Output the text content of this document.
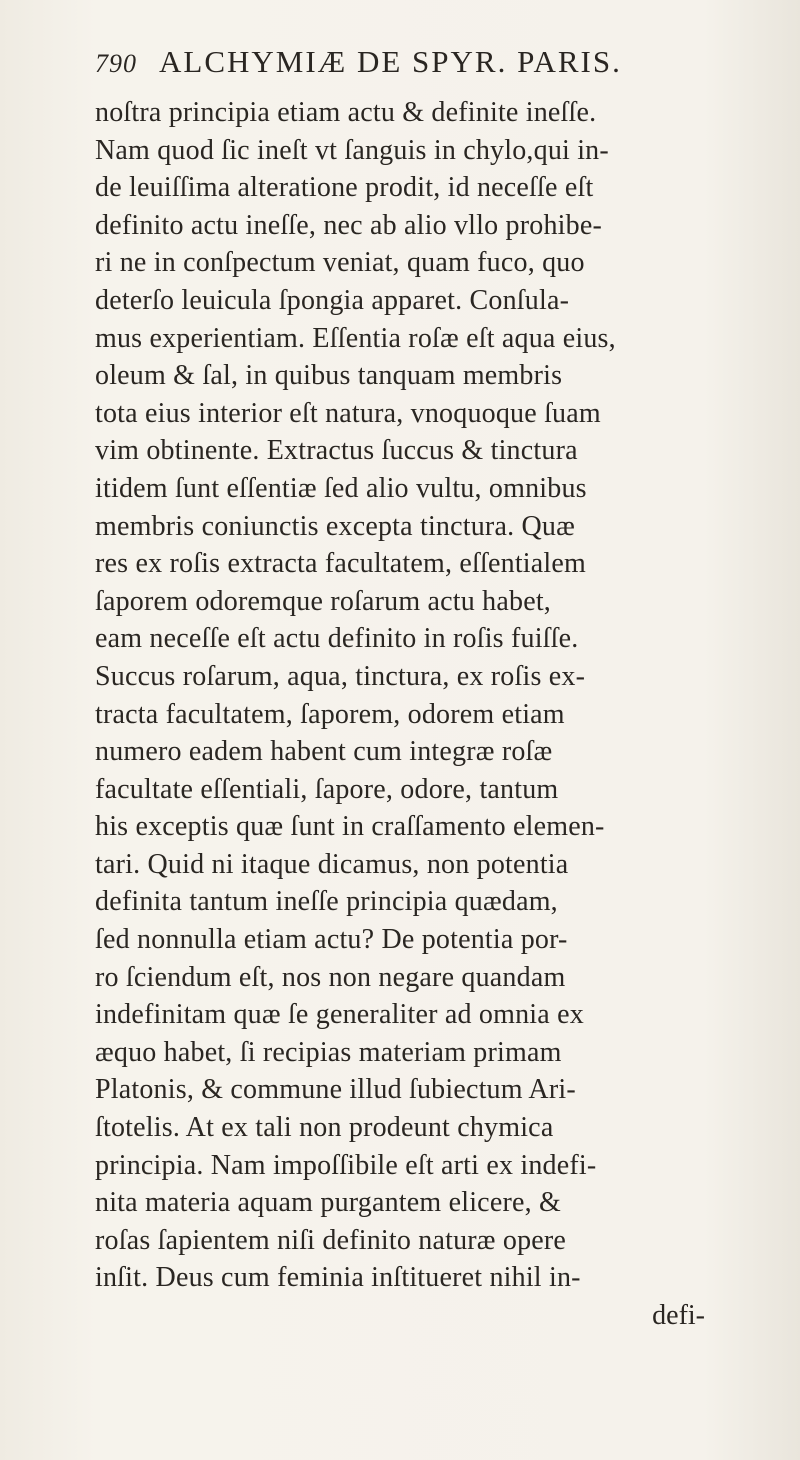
790 ALCHYMIÆ DE SPYR. PARIS.
noſtra principia etiam actu & definite ineſſe.
Nam quod ſic ineſt vt ſanguis in chylo,qui in-
de leuiſſima alteratione prodit, id neceſſe eſt
definito actu ineſſe, nec ab alio vllo prohibe-
ri ne in conſpectum veniat, quam fuco, quo
deterſo leuicula ſpongia apparet. Conſula-
mus experientiam. Eſſentia roſæ eſt aqua eius,
oleum & ſal, in quibus tanquam membris
tota eius interior eſt natura, vnoquoque ſuam
vim obtinente. Extractus ſuccus & tinctura
itidem ſunt eſſentiæ ſed alio vultu, omnibus
membris coniunctis excepta tinctura. Quæ
res ex roſis extracta facultatem, eſſentialem
ſaporem odoremque roſarum actu habet,
eam neceſſe eſt actu definito in roſis fuiſſe.
Succus roſarum, aqua, tinctura, ex roſis ex-
tracta facultatem, ſaporem, odorem etiam
numero eadem habent cum integræ roſæ
facultate eſſentiali, ſapore, odore, tantum
his exceptis quæ ſunt in craſſamento elemen-
tari. Quid ni itaque dicamus, non potentia
definita tantum ineſſe principia quædam,
ſed nonnulla etiam actu? De potentia por-
ro ſciendum eſt, nos non negare quandam
indefinitam quæ ſe generaliter ad omnia ex
æquo habet, ſi recipias materiam primam
Platonis, & commune illud ſubiectum Ari-
ſtotelis. At ex tali non prodeunt chymica
principia. Nam impoſſibile eſt arti ex indefi-
nita materia aquam purgantem elicere, &
roſas ſapientem niſi definito naturæ opere
inſit. Deus cum feminia inſtitueret nihil in-
defi-
